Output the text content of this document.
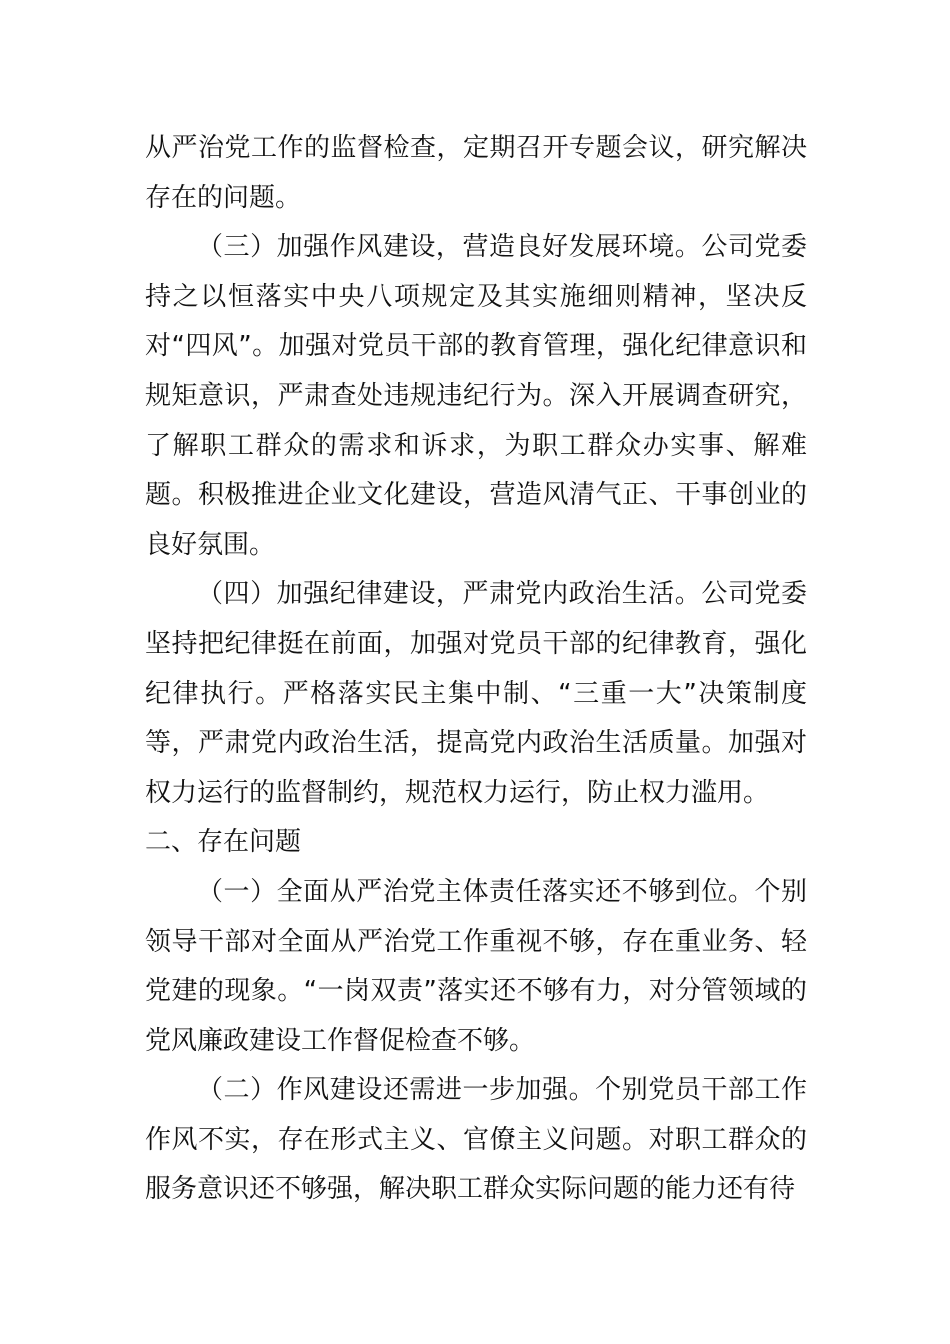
从严治党工作的监督检查，定期召开专题会议，研究解决存在的问题。

（三）加强作风建设，营造良好发展环境。公司党委持之以恒落实中央八项规定及其实施细则精神，坚决反对“四风”。加强对党员干部的教育管理，强化纪律意识和规矩意识，严肃查处违规违纪行为。深入开展调查研究，了解职工群众的需求和诉求，为职工群众办实事、解难题。积极推进企业文化建设，营造风清气正、干事创业的良好氛围。

（四）加强纪律建设，严肃党内政治生活。公司党委坚持把纪律挺在前面，加强对党员干部的纪律教育，强化纪律执行。严格落实民主集中制、“三重一大”决策制度等，严肃党内政治生活，提高党内政治生活质量。加强对权力运行的监督制约，规范权力运行，防止权力滥用。

二、存在问题

（一）全面从严治党主体责任落实还不够到位。个别领导干部对全面从严治党工作重视不够，存在重业务、轻党建的现象。“一岗双责”落实还不够有力，对分管领域的党风廉政建设工作督促检查不够。

（二）作风建设还需进一步加强。个别党员干部工作作风不实，存在形式主义、官僚主义问题。对职工群众的服务意识还不够强，解决职工群众实际问题的能力还有待
